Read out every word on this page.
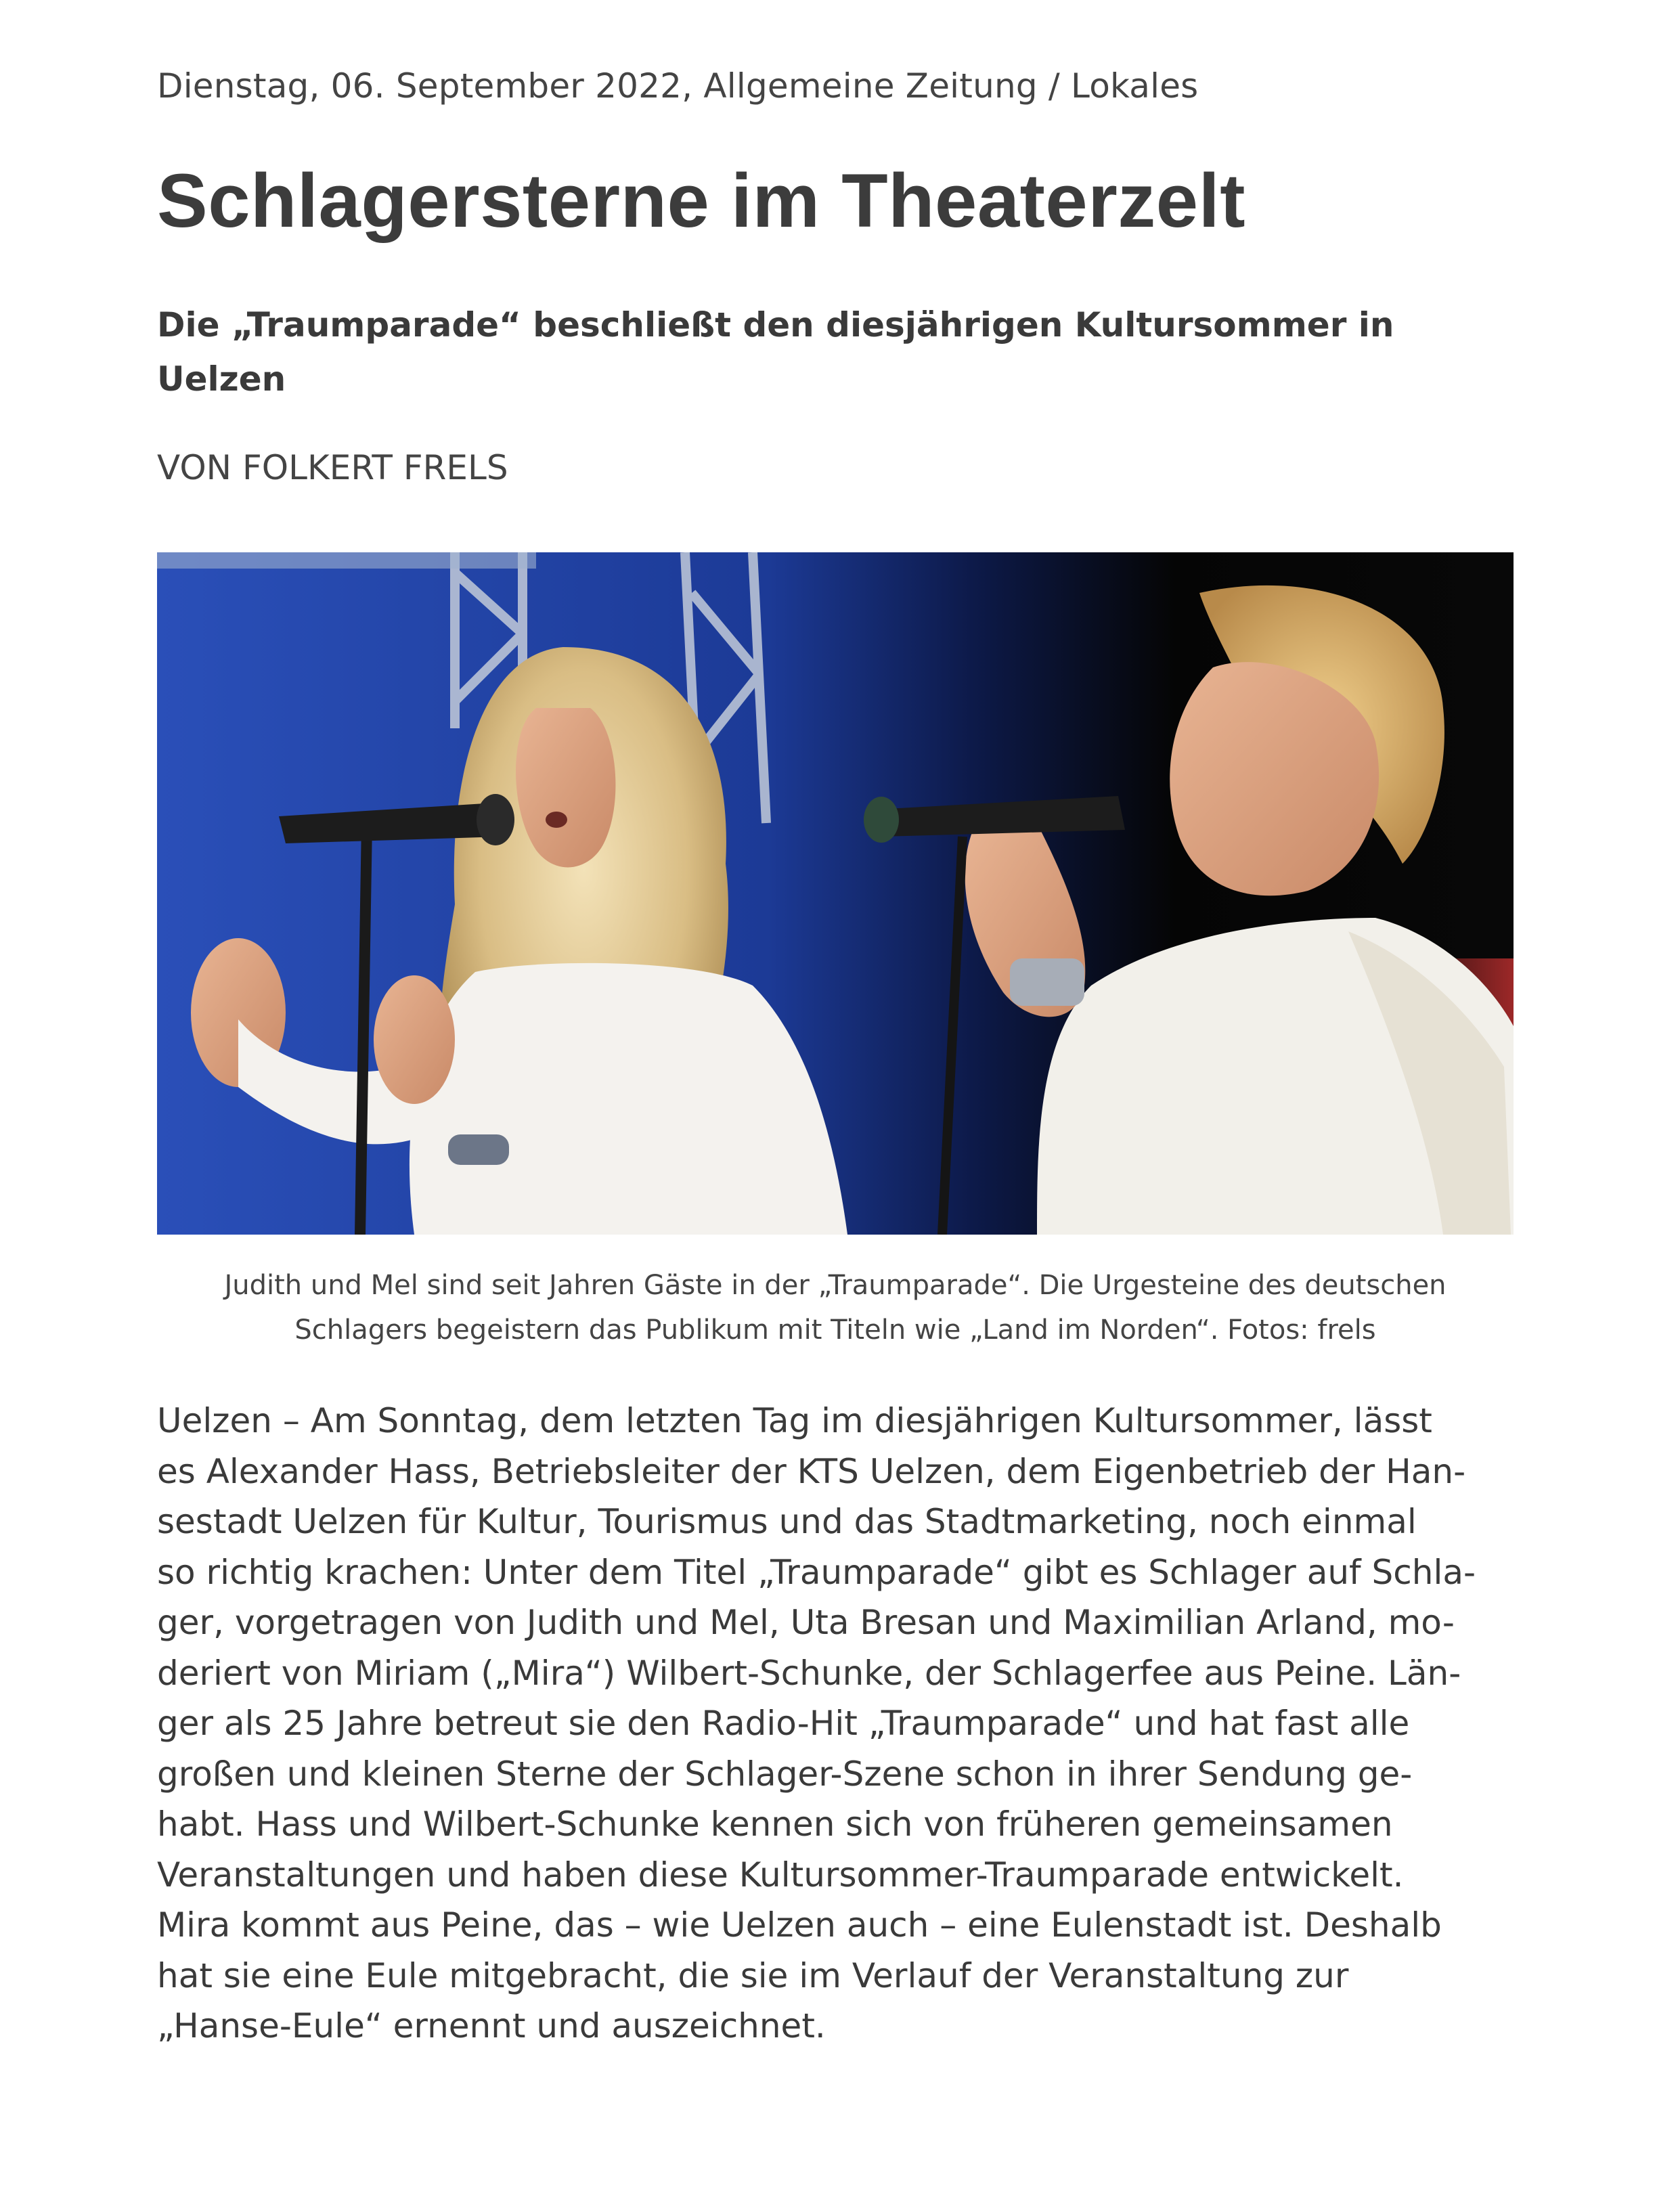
Dienstag, 06. September 2022, Allgemeine Zeitung / Lokales
Schlagersterne im Theaterzelt
Die „Traumparade“ beschließt den diesjährigen Kultursommer in Uelzen
VON FOLKERT FRELS
Judith und Mel sind seit Jahren Gäste in der „Traumparade“. Die Urgesteine des deutschen
Schlagers begeistern das Publikum mit Titeln wie „Land im Norden“. Fotos: frels
Uelzen – Am Sonntag, dem letzten Tag im diesjährigen Kultursommer, lässt
es Alexander Hass, Betriebsleiter der KTS Uelzen, dem Eigenbetrieb der Han-
sestadt Uelzen für Kultur, Tourismus und das Stadtmarketing, noch einmal
so richtig krachen: Unter dem Titel „Traumparade“ gibt es Schlager auf Schla-
ger, vorgetragen von Judith und Mel, Uta Bresan und Maximilian Arland, mo-
deriert von Miriam („Mira“) Wilbert-Schunke, der Schlagerfee aus Peine. Län-
ger als 25 Jahre betreut sie den Radio-Hit „Traumparade“ und hat fast alle
großen und kleinen Sterne der Schlager-Szene schon in ihrer Sendung ge-
habt. Hass und Wilbert-Schunke kennen sich von früheren gemeinsamen
Veranstaltungen und haben diese Kultursommer-Traumparade entwickelt.
Mira kommt aus Peine, das – wie Uelzen auch – eine Eulenstadt ist. Deshalb
hat sie eine Eule mitgebracht, die sie im Verlauf der Veranstaltung zur
„Hanse-Eule“ ernennt und auszeichnet.
